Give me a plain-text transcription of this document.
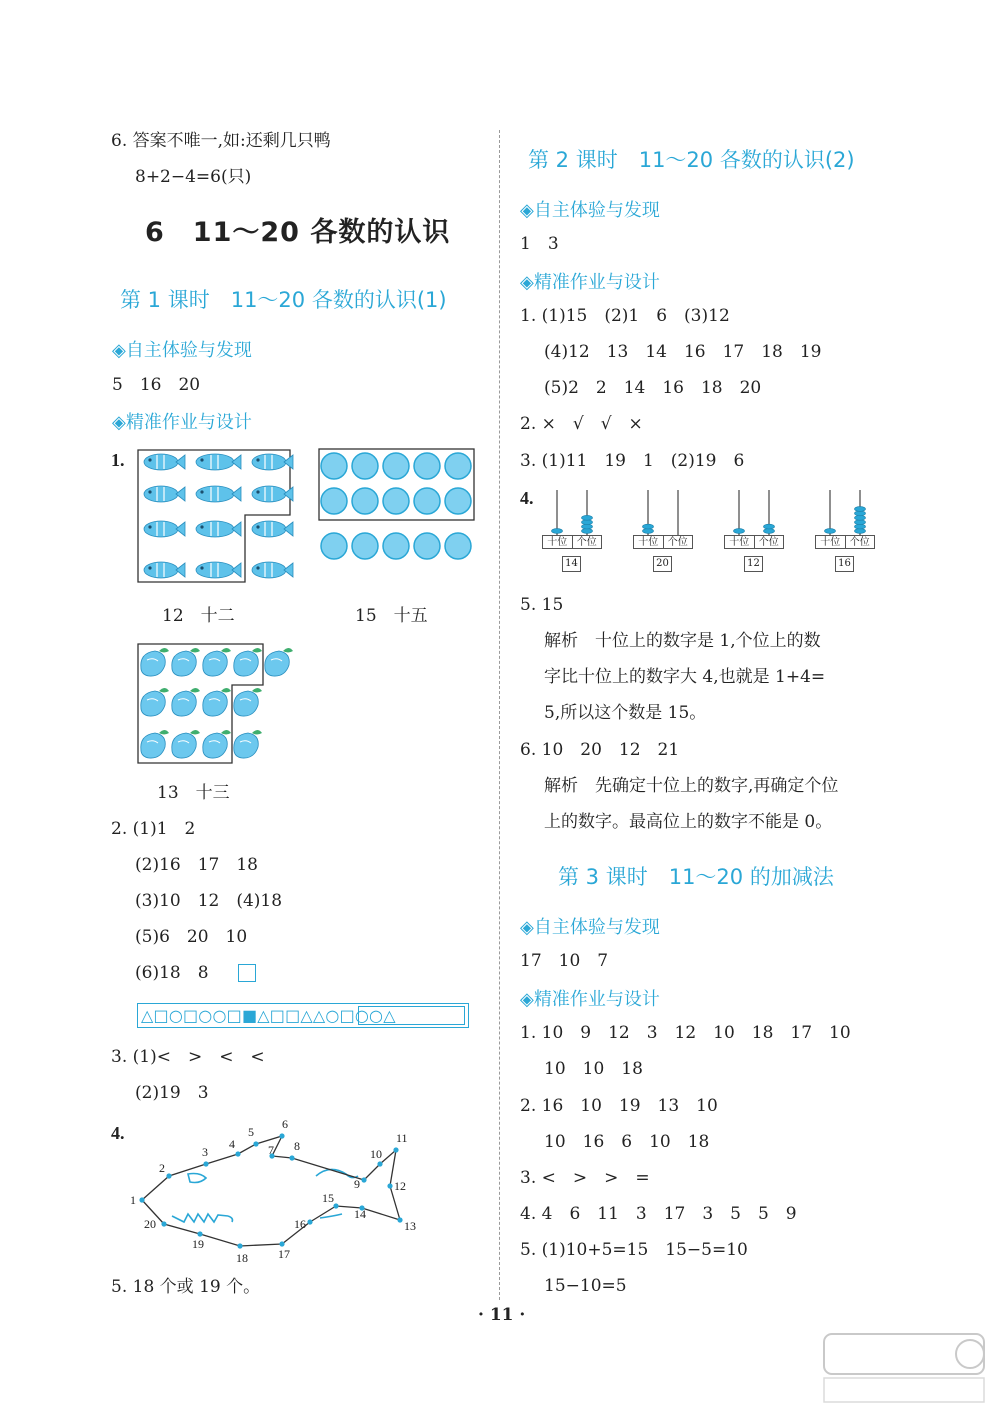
6. 答案不唯一,如:还剩几只鸭
8+2−4=6(只)
6　11～20 各数的认识
第 1 课时　11～20 各数的认识(1)
◈自主体验与发现
5　16　20
◈精准作业与设计
1.
12　十二	15　十五
13　十三
2. (1)1　2
(2)16　17　18
(3)10　12　(4)18
(5)6　20　10
(6)18　8
△□○□○○□■△□□△△○□○○△
3. (1)<　>　<　<
(2)19　3
4.
1
2
3
4
5
6
7 8
9
10
11
12
13
14
15
16
17
18
19
20
5. 18 个或 19 个。
第 2 课时　11～20 各数的认识(2)
◈自主体验与发现
1　3
◈精准作业与设计
1. (1)15　(2)1　6　(3)12
(4)12　13　14　16　17　18　19
(5)2　2　14　16　18　20
2. ×　√　√　×
3. (1)11　19　1　(2)19　6
4.
十位 个位
14
十位 个位
20
十位 个位
12
十位 个位
16
5. 15
解析　十位上的数字是 1,个位上的数
字比十位上的数字大 4,也就是 1+4=
5,所以这个数是 15。
6. 10　20　12　21
解析　先确定十位上的数字,再确定个位
上的数字。最高位上的数字不能是 0。
第 3 课时　11～20 的加减法
◈自主体验与发现
17　10　7
◈精准作业与设计
1. 10　9　12　3　12　10　18　17　10
10　10　18
2. 16　10　19　13　10
10　16　6　10　18
3. <　>　>　=
4. 4　6　11　3　17　3　5　5　9
5. (1)10+5=15　15−5=10
15−10=5
· 11 ·
